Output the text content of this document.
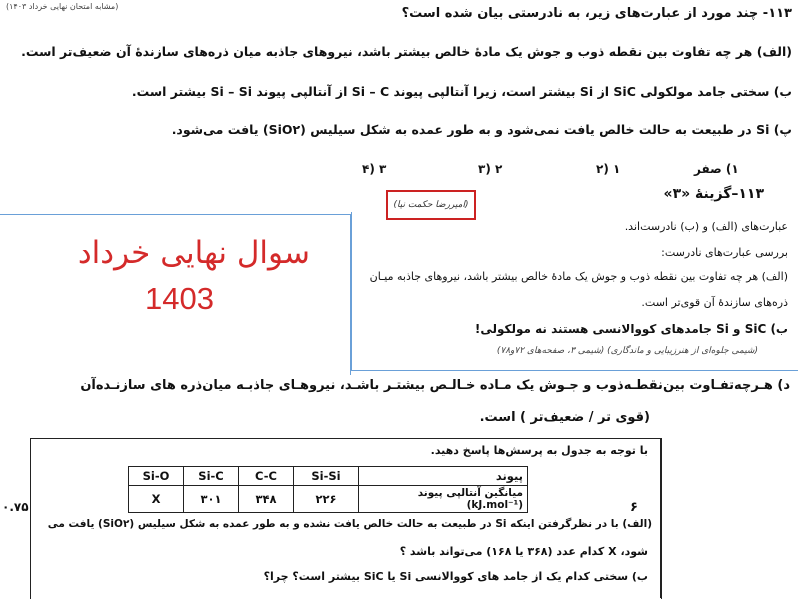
(مشابه امتحان نهایی خرداد ۱۴۰۳)	۱۱۳- چند مورد از عبارت‌های زیر، به نادرستی بیان شده است؟
(الف) هر چه تفاوت بین نقطه ذوب و جوش یک مادهٔ خالص بیشتر باشد، نیروهای جاذبه میان ذره‌های سازندهٔ آن ضعیف‌تر است.
ب) سختی جامد مولکولی SiC از Si بیشتر است، زیرا آنتالپی پیوند Si – C از آنتالپی پیوند Si – Si بیشتر است.
پ) Si در طبیعت به حالت خالص یافت نمی‌شود و به طور عمده به شکل سیلیس (SiO۲) یافت می‌شود.
۱) صفر
۲) ۱
۳) ۲
۴) ۳
(امیررضا حکمت نیا)
۱۱۳–گزینهٔ «۳»
عبارت‌های (الف) و (ب) نادرست‌اند.
بررسی عبارت‌های نادرست:
(الف) هر چه تفاوت بین نقطه ذوب و جوش یک مادهٔ خالص بیشتر باشد، نیروهای جاذبه میـان
ذره‌های سازندهٔ آن قوی‌تر است.
ب) SiC و Si جامدهای کووالانسی هستند نه مولکولی!
(شیمی جلوه‌ای از هنر‌زیبایی و ماندگاری) (شیمی ۳، صفحه‌های ۷۲و۷۸)
سوال نهایی خرداد
1403
د) هـرچه‌تفـاوت بین‌نقطـه‌ذوب و جـوش یک مـاده‌ خـالـص بیشتـر باشـد، نیروهـای جاذبـه میان‌ذره‌ های سازنـده‌آن
(قوی تر / ضعیف‌تر ) است.
۶
۰.۷۵
با توجه به جدول به پرسش‌ها پاسخ دهید.
Si-O	Si-C	C-C	Si-Si	پیوند
X	۳۰۱	۳۴۸	۲۲۶	میانگین آنتالپی پیوند (kJ.mol⁻¹)
(الف) با در نظرگرفتن اینکه Si در طبیعت به حالت خالص یافت نشده و به طور عمده به شکل سیلیس (SiO۲) یافت می
شود، X کدام عدد (۳۶۸ یا ۱۶۸) می‌تواند باشد ؟
ب) سختی کدام یک از جامد های کووالانسی Si یا SiC بیشتر است؟ چرا؟
